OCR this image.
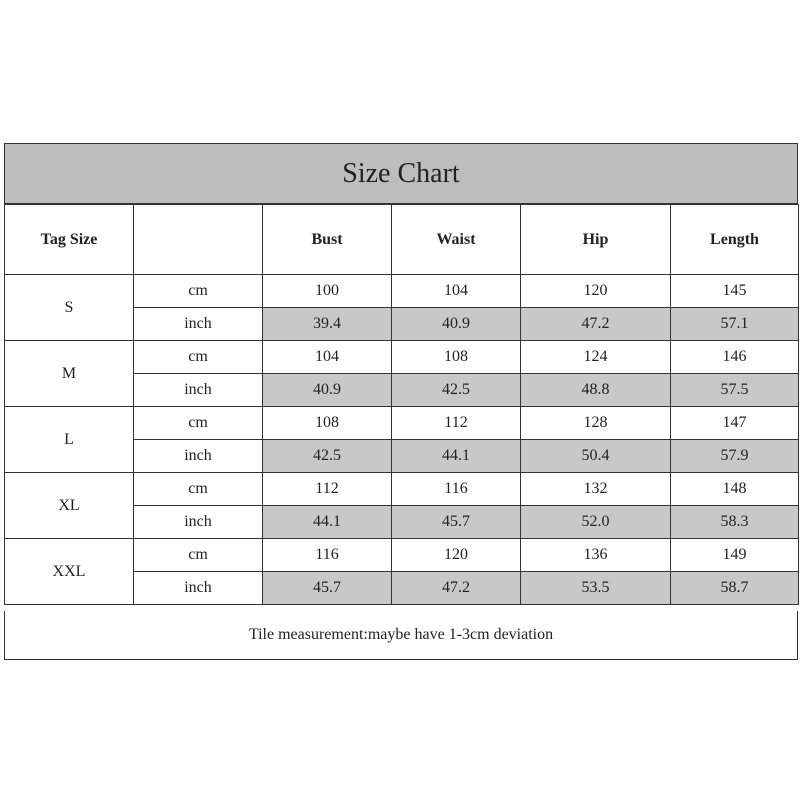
Size Chart
Tag Size		Bust	Waist	Hip	Length
S	cm	100	104	120	145
	inch	39.4	40.9	47.2	57.1
M	cm	104	108	124	146
	inch	40.9	42.5	48.8	57.5
L	cm	108	112	128	147
	inch	42.5	44.1	50.4	57.9
XL	cm	112	116	132	148
	inch	44.1	45.7	52.0	58.3
XXL	cm	116	120	136	149
	inch	45.7	47.2	53.5	58.7
Tile measurement:maybe have 1-3cm deviation
